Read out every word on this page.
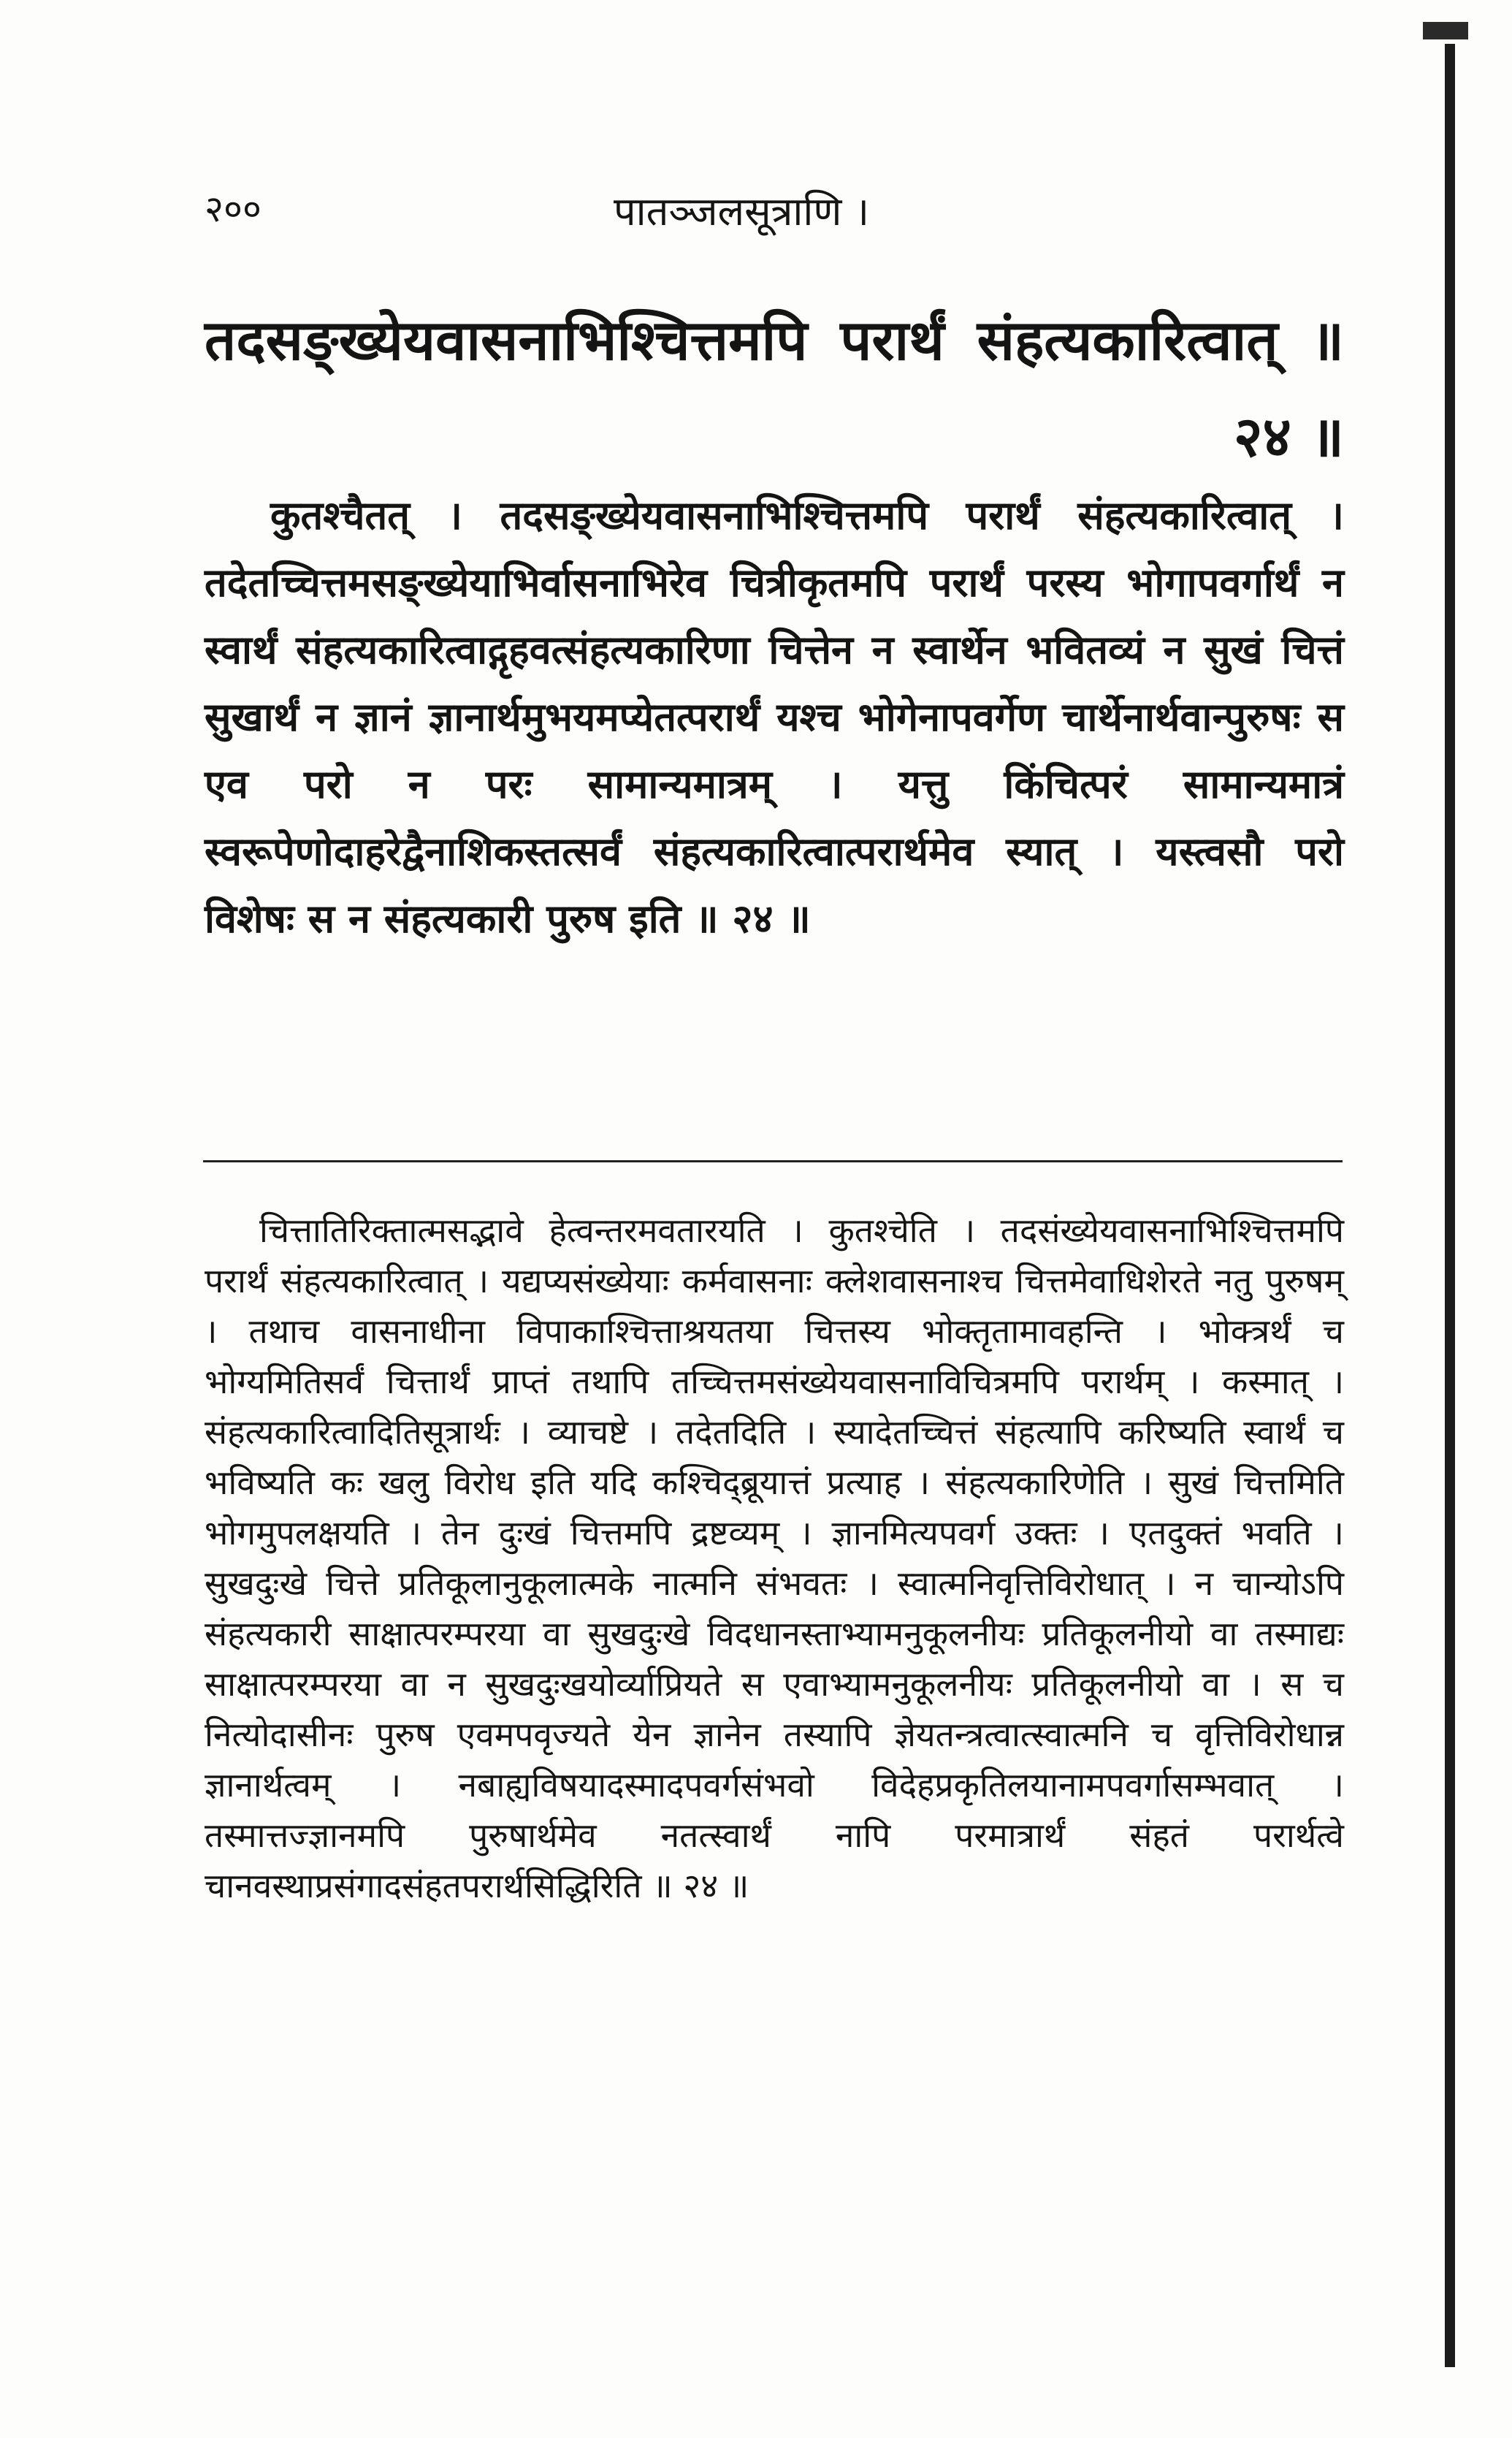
२००	पातञ्जलसूत्राणि ।
तदसङ्ख्येयवासनाभिश्चित्तमपि परार्थं संहत्यकारित्वात् ॥ २४ ॥
कुतश्चैतत् । तदसङ्ख्येयवासनाभिश्चित्तमपि परार्थं संहत्यकारित्वात् । तदेतच्चित्तमसङ्ख्येयाभिर्वासनाभिरेव चित्रीकृतमपि परार्थं परस्य भोगापवर्गार्थं न स्वार्थं संहत्यकारित्वाद्गृहवत्संहत्यकारिणा चित्तेन न स्वार्थेन भवितव्यं न सुखं चित्तं सुखार्थं न ज्ञानं ज्ञानार्थमुभयमप्येतत्परार्थं यश्च भोगेनापवर्गेण चार्थेनार्थवान्पुरुषः स एव परो न परः सामान्यमात्रम् । यत्तु किंचित्परं सामान्यमात्रं स्वरूपेणोदाहरेद्वैनाशिकस्तत्सर्वं संहत्यकारित्वात्परार्थमेव स्यात् । यस्त्वसौ परो विशेषः स न संहत्यकारी पुरुष इति ॥ २४ ॥
चित्तातिरिक्तात्मसद्भावे हेत्वन्तरमवतारयति । कुतश्चेति । तदसंख्येयवासनाभिश्चित्तमपि परार्थं संहत्यकारित्वात् । यद्यप्यसंख्येयाः कर्मवासनाः क्लेशवासनाश्च चित्तमेवाधिशेरते नतु पुरुषम् । तथाच वासनाधीना विपाकाश्चित्ताश्रयतया चित्तस्य भोक्तृतामावहन्ति । भोक्त्रर्थं च भोग्यमितिसर्वं चित्तार्थं प्राप्तं तथापि तच्चित्तमसंख्येयवासनाविचित्रमपि परार्थम् । कस्मात् । संहत्यकारित्वादितिसूत्रार्थः । व्याचष्टे । तदेतदिति । स्यादेतच्चित्तं संहत्यापि करिष्यति स्वार्थं च भविष्यति कः खलु विरोध इति यदि कश्चिद्ब्रूयात्तं प्रत्याह । संहत्यकारिणेति । सुखं चित्तमिति भोगमुपलक्षयति । तेन दुःखं चित्तमपि द्रष्टव्यम् । ज्ञानमित्यपवर्ग उक्तः । एतदुक्तं भवति । सुखदुःखे चित्ते प्रतिकूलानुकूलात्मके नात्मनि संभवतः । स्वात्मनिवृत्तिविरोधात् । न चान्योऽपि संहत्यकारी साक्षात्परम्परया वा सुखदुःखे विदधानस्ताभ्यामनुकूलनीयः प्रतिकूलनीयो वा तस्माद्यः साक्षात्परम्परया वा न सुखदुःखयोर्व्याप्रियते स एवाभ्यामनुकूलनीयः प्रतिकूलनीयो वा । स च नित्योदासीनः पुरुष एवमपवृज्यते येन ज्ञानेन तस्यापि ज्ञेयतन्त्रत्वात्स्वात्मनि च वृत्तिविरोधान्न ज्ञानार्थत्वम् । नबाह्यविषयादस्मादपवर्गसंभवो विदेहप्रकृतिलयानामपवर्गासम्भवात् । तस्मात्तज्ज्ञानमपि पुरुषार्थमेव नतत्स्वार्थं नापि परमात्रार्थं संहतं परार्थत्वे चानवस्थाप्रसंगादसंहतपरार्थसिद्धिरिति ॥ २४ ॥
